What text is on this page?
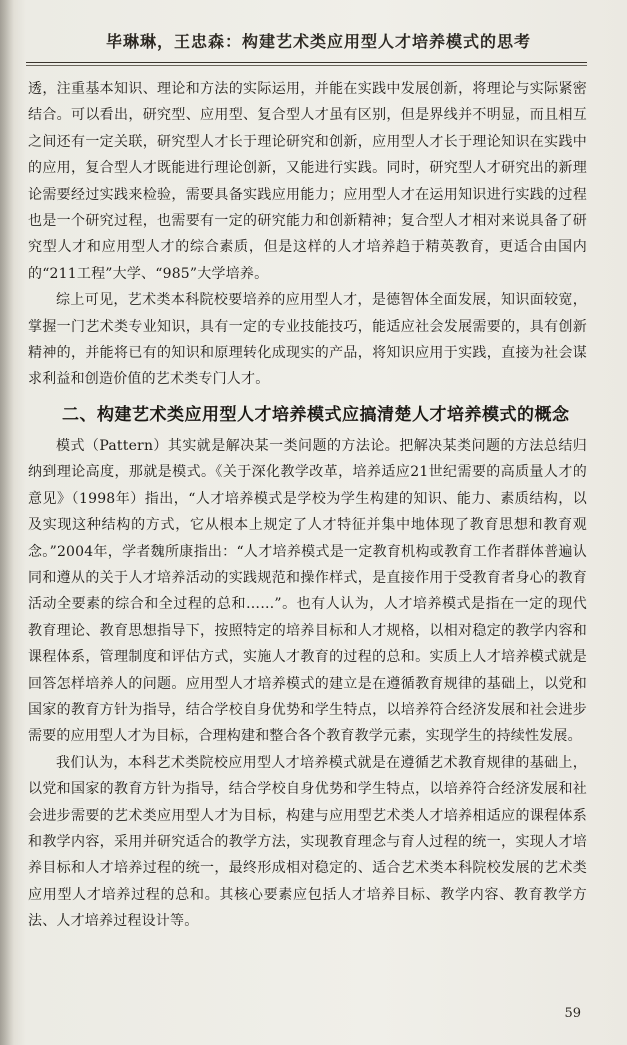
毕琳琳，王忠森：构建艺术类应用型人才培养模式的思考

透，注重基本知识、理论和方法的实际运用，并能在实践中发展创新，将理论与实际紧密结合。可以看出，研究型、应用型、复合型人才虽有区别，但是界线并不明显，而且相互之间还有一定关联，研究型人才长于理论研究和创新，应用型人才长于理论知识在实践中的应用，复合型人才既能进行理论创新，又能进行实践。同时，研究型人才研究出的新理论需要经过实践来检验，需要具备实践应用能力；应用型人才在运用知识进行实践的过程也是一个研究过程，也需要有一定的研究能力和创新精神；复合型人才相对来说具备了研究型人才和应用型人才的综合素质，但是这样的人才培养趋于精英教育，更适合由国内的“211工程”大学、“985”大学培养。

综上可见，艺术类本科院校要培养的应用型人才，是德智体全面发展，知识面较宽，掌握一门艺术类专业知识，具有一定的专业技能技巧，能适应社会发展需要的，具有创新精神的，并能将已有的知识和原理转化成现实的产品，将知识应用于实践，直接为社会谋求利益和创造价值的艺术类专门人才。

二、构建艺术类应用型人才培养模式应搞清楚人才培养模式的概念

模式（Pattern）其实就是解决某一类问题的方法论。把解决某类问题的方法总结归纳到理论高度，那就是模式。《关于深化教学改革，培养适应21世纪需要的高质量人才的意见》（1998年）指出，“人才培养模式是学校为学生构建的知识、能力、素质结构，以及实现这种结构的方式，它从根本上规定了人才特征并集中地体现了教育思想和教育观念。”2004年，学者魏所康指出：“人才培养模式是一定教育机构或教育工作者群体普遍认同和遵从的关于人才培养活动的实践规范和操作样式，是直接作用于受教育者身心的教育活动全要素的综合和全过程的总和……”。也有人认为，人才培养模式是指在一定的现代教育理论、教育思想指导下，按照特定的培养目标和人才规格，以相对稳定的教学内容和课程体系，管理制度和评估方式，实施人才教育的过程的总和。实质上人才培养模式就是回答怎样培养人的问题。应用型人才培养模式的建立是在遵循教育规律的基础上，以党和国家的教育方针为指导，结合学校自身优势和学生特点，以培养符合经济发展和社会进步需要的应用型人才为目标，合理构建和整合各个教育教学元素，实现学生的持续性发展。

我们认为，本科艺术类院校应用型人才培养模式就是在遵循艺术教育规律的基础上，以党和国家的教育方针为指导，结合学校自身优势和学生特点，以培养符合经济发展和社会进步需要的艺术类应用型人才为目标，构建与应用型艺术类人才培养相适应的课程体系和教学内容，采用并研究适合的教学方法，实现教育理念与育人过程的统一，实现人才培养目标和人才培养过程的统一，最终形成相对稳定的、适合艺术类本科院校发展的艺术类应用型人才培养过程的总和。其核心要素应包括人才培养目标、教学内容、教育教学方法、人才培养过程设计等。

59
